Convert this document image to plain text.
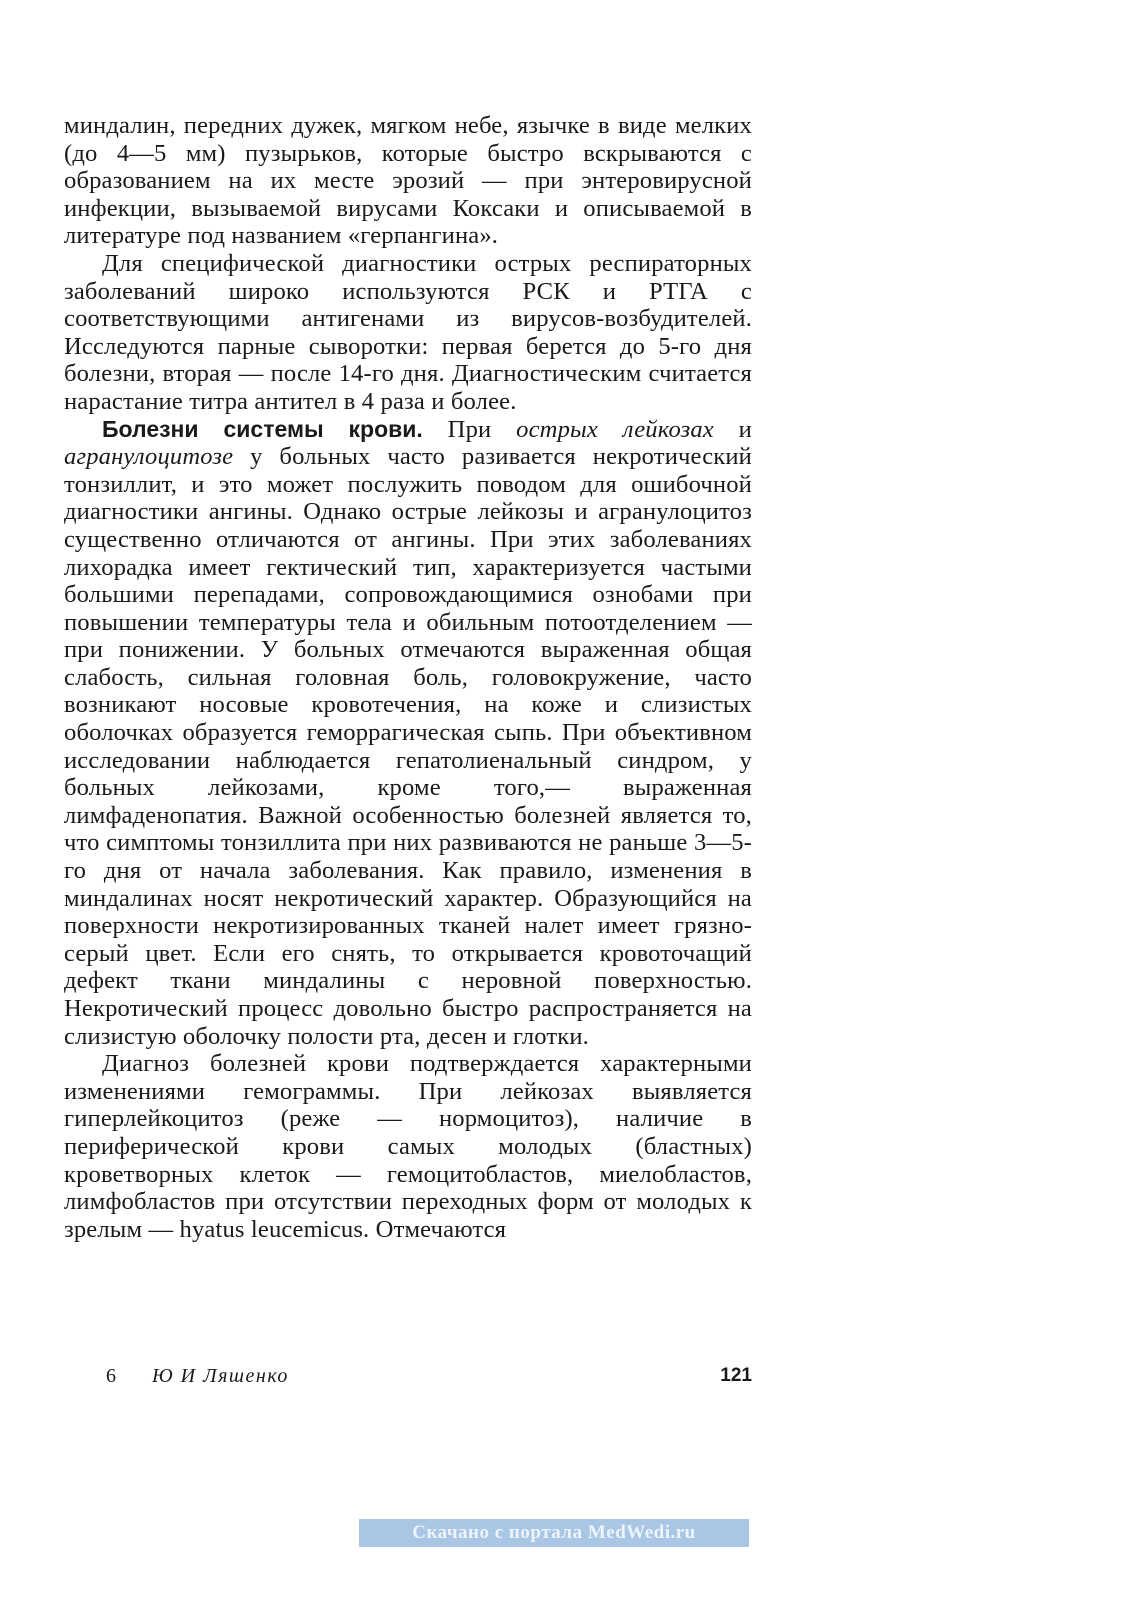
миндалин, передних дужек, мягком небе, язычке в виде мелких (до 4—5 мм) пузырьков, которые быстро вскрываются с образованием на их месте эрозий — при энтеровирусной инфекции, вызываемой вирусами Коксаки и описываемой в литературе под названием «герпангина».

Для специфической диагностики острых респираторных заболеваний широко используются РСК и РТГА с соответствующими антигенами из вирусов-возбудителей. Исследуются парные сыворотки: первая берется до 5-го дня болезни, вторая — после 14-го дня. Диагностическим считается нарастание титра антител в 4 раза и более.

Болезни системы крови. При острых лейкозах и агранулоцитозе у больных часто разивается некротический тонзиллит, и это может послужить поводом для ошибочной диагностики ангины. Однако острые лейкозы и агранулоцитоз существенно отличаются от ангины. При этих заболеваниях лихорадка имеет гектический тип, характеризуется частыми большими перепадами, сопровождающимися ознобами при повышении температуры тела и обильным потоотделением — при понижении. У больных отмечаются выраженная общая слабость, сильная головная боль, головокружение, часто возникают носовые кровотечения, на коже и слизистых оболочках образуется геморрагическая сыпь. При объективном исследовании наблюдается гепатолиенальный синдром, у больных лейкозами, кроме того,— выраженная лимфаденопатия. Важной особенностью болезней является то, что симптомы тонзиллита при них развиваются не раньше 3—5-го дня от начала заболевания. Как правило, изменения в миндалинах носят некротический характер. Образующийся на поверхности некротизированных тканей налет имеет грязно-серый цвет. Если его снять, то открывается кровоточащий дефект ткани миндалины с неровной поверхностью. Некротический процесс довольно быстро распространяется на слизистую оболочку полости рта, десен и глотки.

Диагноз болезней крови подтверждается характерными изменениями гемограммы. При лейкозах выявляется гиперлейкоцитоз (реже — нормоцитоз), наличие в периферической крови самых молодых (бластных) кроветворных клеток — гемоцитобластов, миелобластов, лимфобластов при отсутствии переходных форм от молодых к зрелым — hyatus leucemicus. Отмечаются

6 Ю И Ляшенко	121
Скачано с портала MedWedi.ru
